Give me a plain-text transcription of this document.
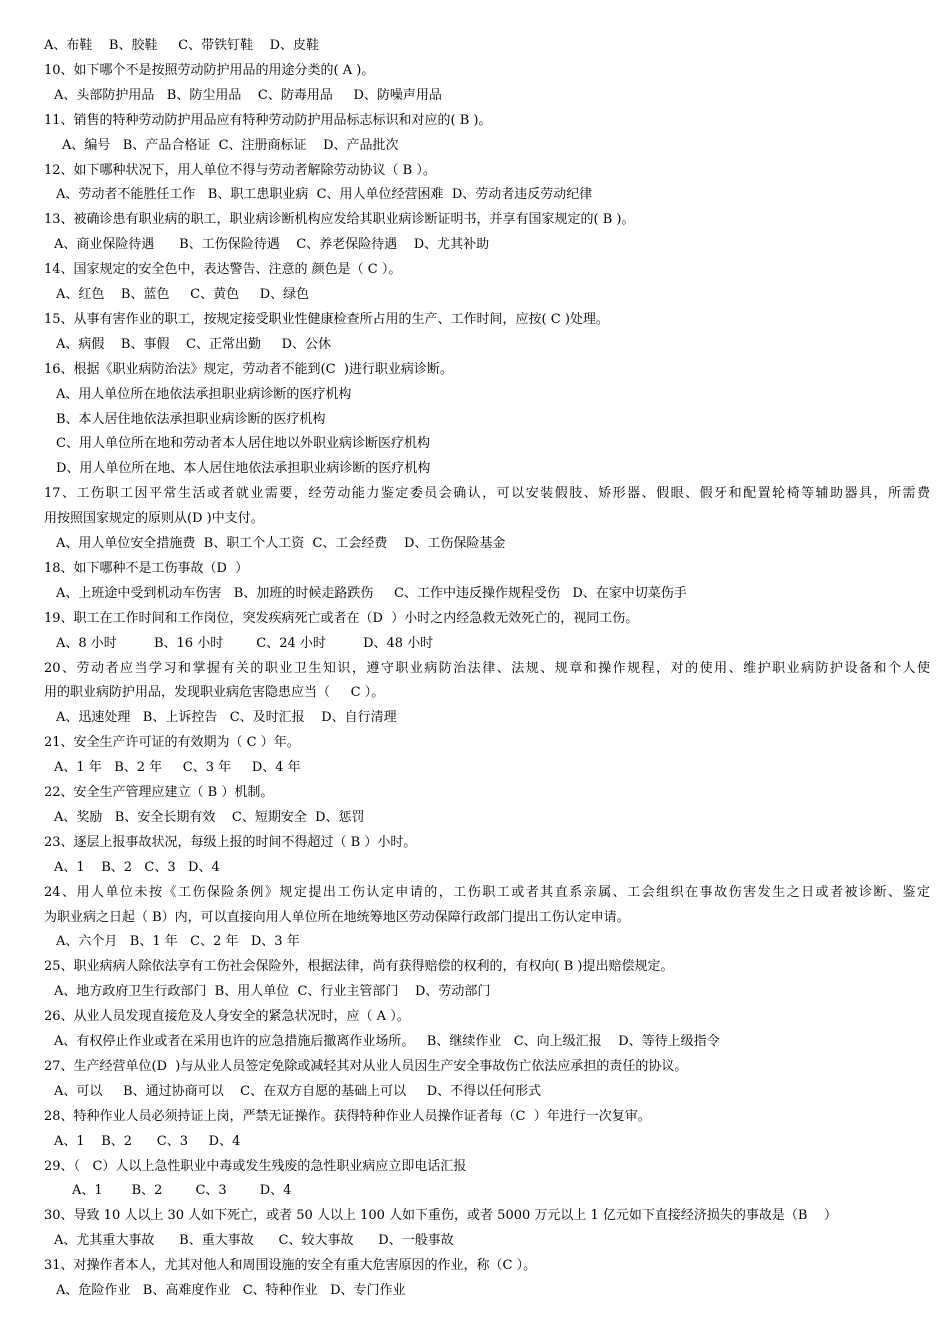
A、布鞋    B、胶鞋     C、带铁钉鞋    D、皮鞋
10、如下哪个不是按照劳动防护用品的用途分类的( A )。
A、头部防护用品   B、防尘用品    C、防毒用品     D、防噪声用品
11、销售的特种劳动防护用品应有特种劳动防护用品标志标识和对应的( B )。
A、编号   B、产品合格证  C、注册商标证    D、产品批次
12、如下哪种状况下，用人单位不得与劳动者解除劳动协议（ B ）。
A、劳动者不能胜任工作   B、职工患职业病  C、用人单位经营困难  D、劳动者违反劳动纪律
13、被确诊患有职业病的职工，职业病诊断机构应发给其职业病诊断证明书，并享有国家规定的( B )。
A、商业保险待遇      B、工伤保险待遇    C、养老保险待遇    D、尤其补助
14、国家规定的安全色中，表达警告、注意的 颜色是（ C ）。
A、红色    B、蓝色     C、黄色     D、绿色
15、从事有害作业的职工，按规定接受职业性健康检查所占用的生产、工作时间，应按( C )处理。
A、病假    B、事假    C、正常出勤     D、公休
16、根据《职业病防治法》规定，劳动者不能到(C  )进行职业病诊断。
A、用人单位所在地依法承担职业病诊断的医疗机构
B、本人居住地依法承担职业病诊断的医疗机构
C、用人单位所在地和劳动者本人居住地以外职业病诊断医疗机构
D、用人单位所在地、本人居住地依法承担职业病诊断的医疗机构
17、工伤职工因平常生活或者就业需要，经劳动能力鉴定委员会确认，可以安装假肢、矫形器、假眼、假牙和配置轮椅等辅助器具，所需费
用按照国家规定的原则从(D )中支付。
A、用人单位安全措施费  B、职工个人工资  C、工会经费    D、工伤保险基金
18、如下哪种不是工伤事故（D  ）
A、上班途中受到机动车伤害   B、加班的时候走路跌伤     C、工作中违反操作规程受伤   D、在家中切菜伤手
19、职工在工作时间和工作岗位，突发疾病死亡或者在（D  ）小时之内经急救无效死亡的，视同工伤。
A、8 小时         B、16 小时        C、24 小时         D、48 小时
20、劳动者应当学习和掌握有关的职业卫生知识，遵守职业病防治法律、法规、规章和操作规程，对的使用、维护职业病防护设备和个人使
用的职业病防护用品，发现职业病危害隐患应当（     C ）。
A、迅速处理   B、上诉控告   C、及时汇报    D、自行清理
21、安全生产许可证的有效期为（ C ）年。
A、1 年   B、2 年     C、3 年     D、4 年
22、安全生产管理应建立（ B ）机制。
A、奖励   B、安全长期有效    C、短期安全  D、惩罚
23、逐层上报事故状况，每级上报的时间不得超过（ B ）小时。
A、1    B、2   C、3   D、4
24、用人单位未按《工伤保险条例》规定提出工伤认定申请的，工伤职工或者其直系亲属、工会组织在事故伤害发生之日或者被诊断、鉴定
为职业病之日起（ B）内，可以直接向用人单位所在地统筹地区劳动保障行政部门提出工伤认定申请。
A、六个月   B、1 年   C、2 年   D、3 年
25、职业病病人除依法享有工伤社会保险外，根据法律，尚有获得赔偿的权利的，有权向( B )提出赔偿规定。
A、地方政府卫生行政部门  B、用人单位  C、行业主管部门    D、劳动部门
26、从业人员发现直接危及人身安全的紧急状况时，应（ A ）。
A、有权停止作业或者在采用也许的应急措施后撤离作业场所。   B、继续作业   C、向上级汇报    D、等待上级指令
27、生产经营单位(D  )与从业人员签定免除或减轻其对从业人员因生产安全事故伤亡依法应承担的责任的协议。
A、可以     B、通过协商可以    C、在双方自愿的基础上可以     D、不得以任何形式
28、特种作业人员必须持证上岗，严禁无证操作。获得特种作业人员操作证者每（C  ）年进行一次复审。
A、1    B、2      C、3     D、4
29、（   C）人以上急性职业中毒或发生残废的急性职业病应立即电话汇报
A、1       B、2        C、3        D、4
30、导致 10 人以上 30 人如下死亡，或者 50 人以上 100 人如下重伤，或者 5000 万元以上 1 亿元如下直接经济损失的事故是（B    ）
A、尤其重大事故      B、重大事故      C、较大事故      D、一般事故
31、对操作者本人，尤其对他人和周围设施的安全有重大危害原因的作业，称（C ）。
A、危险作业   B、高难度作业   C、特种作业   D、专门作业
